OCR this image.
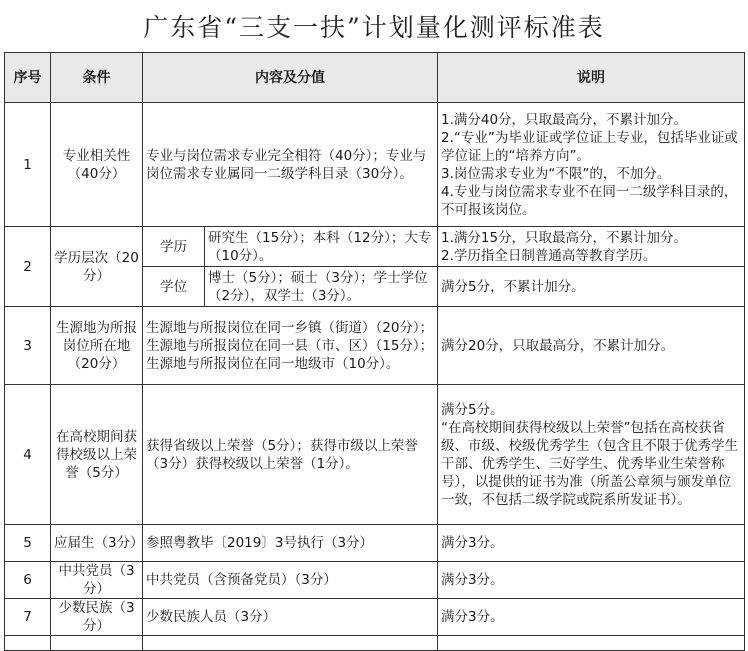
广东省“三支一扶”计划量化测评标准表
序号	条件	内容及分值		说明
1	专业相关性（40分）	专业与岗位需求专业完全相符（40分）；专业与岗位需求专业属同一二级学科目录（30分）。		1.满分40分，只取最高分，不累计加分。
2.“专业”为毕业证或学位证上专业，包括毕业证或学位证上的“培养方向”。
3.岗位需求专业为“不限”的，不加分。
4.专业与岗位需求专业不在同一二级学科目录的，不可报该岗位。

2	学历层次（20分）	学历	研究生（15分）；本科（12分）；大专（10分）。	1.满分15分，只取最高分，不累计加分。
2.学历指全日制普通高等教育学历。

		学位	博士（5分）；硕士（3分）；学士学位（2分），双学士（3分）。	满分5分，不累计加分。
3	生源地为所报岗位所在地（20分）	生源地与所报岗位在同一乡镇（街道）（20分）；生源地与所报岗位在同一县（市、区）（15分）；生源地与所报岗位在同一地级市（10分）。		满分20分，只取最高分，不累计加分。
4	在高校期间获得校级以上荣誉（5分）	获得省级以上荣誉（5分）；获得市级以上荣誉（3分）获得校级以上荣誉（1分）。		满分5分。
“在高校期间获得校级以上荣誉”包括在高校获省级、市级、校级优秀学生（包含且不限于优秀学生干部、优秀学生、三好学生、优秀毕业生荣誉称号），以提供的证书为准（所盖公章须与颁发单位一致，不包括二级学院或院系所发证书）。

5	应届生（3分）	参照粤教毕〔2019〕3号执行（3分）		满分3分。
6	中共党员（3分）	中共党员（含预备党员）（3分）		满分3分。
7	少数民族（3分）	少数民族人员（3分）		满分3分。
